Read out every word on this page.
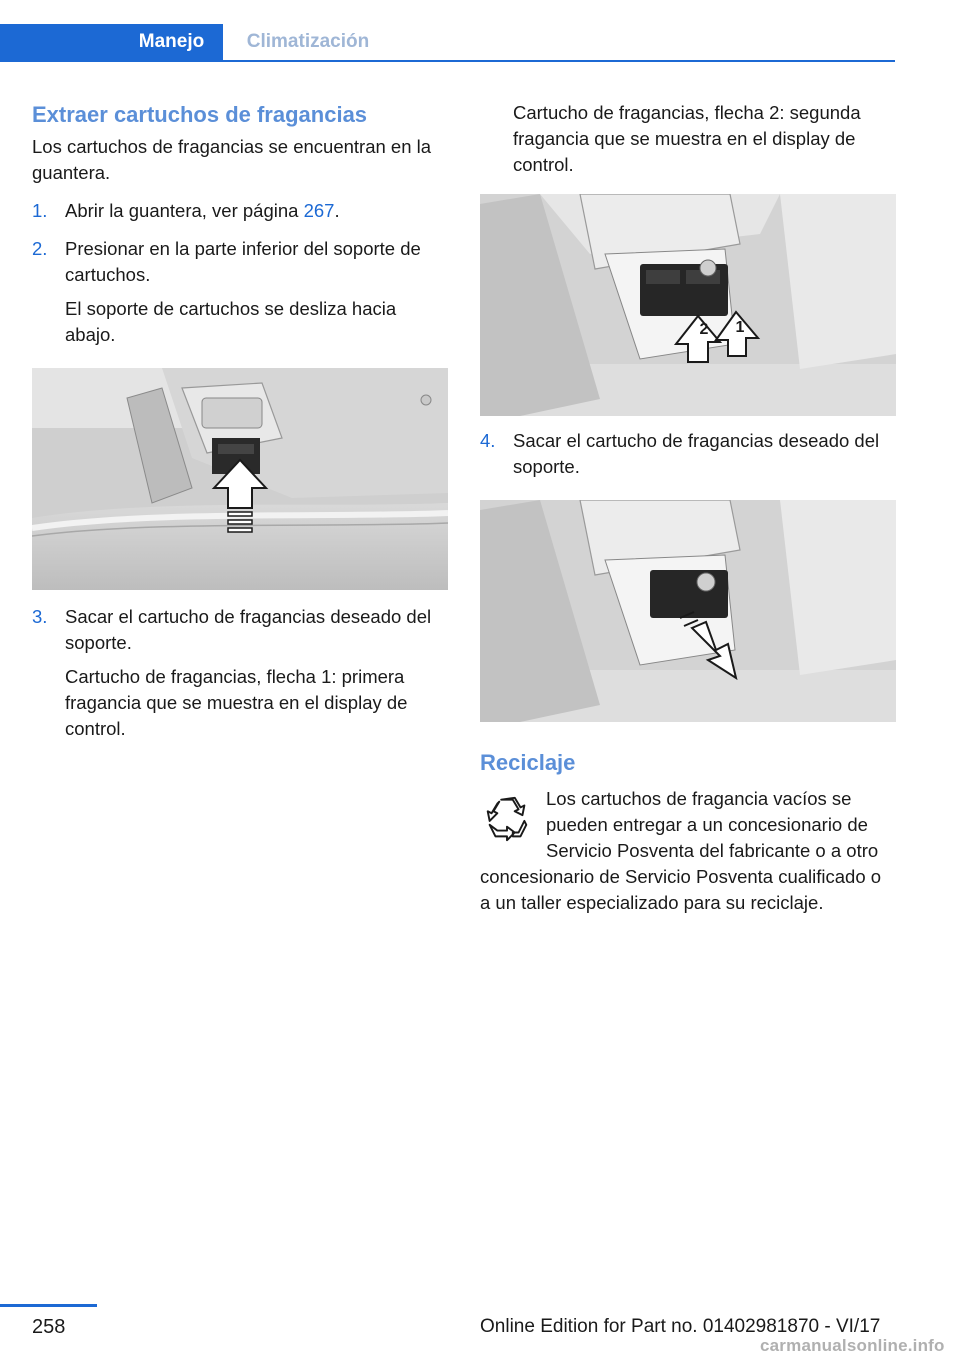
Manejo	Climatización
Extraer cartuchos de fragancias

Los cartuchos de fragancias se encuentran en la guantera.

1. Abrir la guantera, ver página 267.

2. Presionar en la parte inferior del soporte de cartuchos.

El soporte de cartuchos se desliza hacia abajo.

3. Sacar el cartucho de fragancias deseado del soporte.

Cartucho de fragancias, flecha 1: primera fragancia que se muestra en el display de control.

Cartucho de fragancias, flecha 2: segunda fragancia que se muestra en el display de control.

2 1
4. Sacar el cartucho de fragancias deseado del soporte.

Reciclaje

Los cartuchos de fragancia vacíos se pueden entregar a un concesionario de Servicio Posventa del fabricante o a otro concesionario de Servicio Posventa cualificado o a un taller especializado para su reciclaje.

258	Online Edition for Part no. 01402981870 - VI/17
carmanualsonline.info
